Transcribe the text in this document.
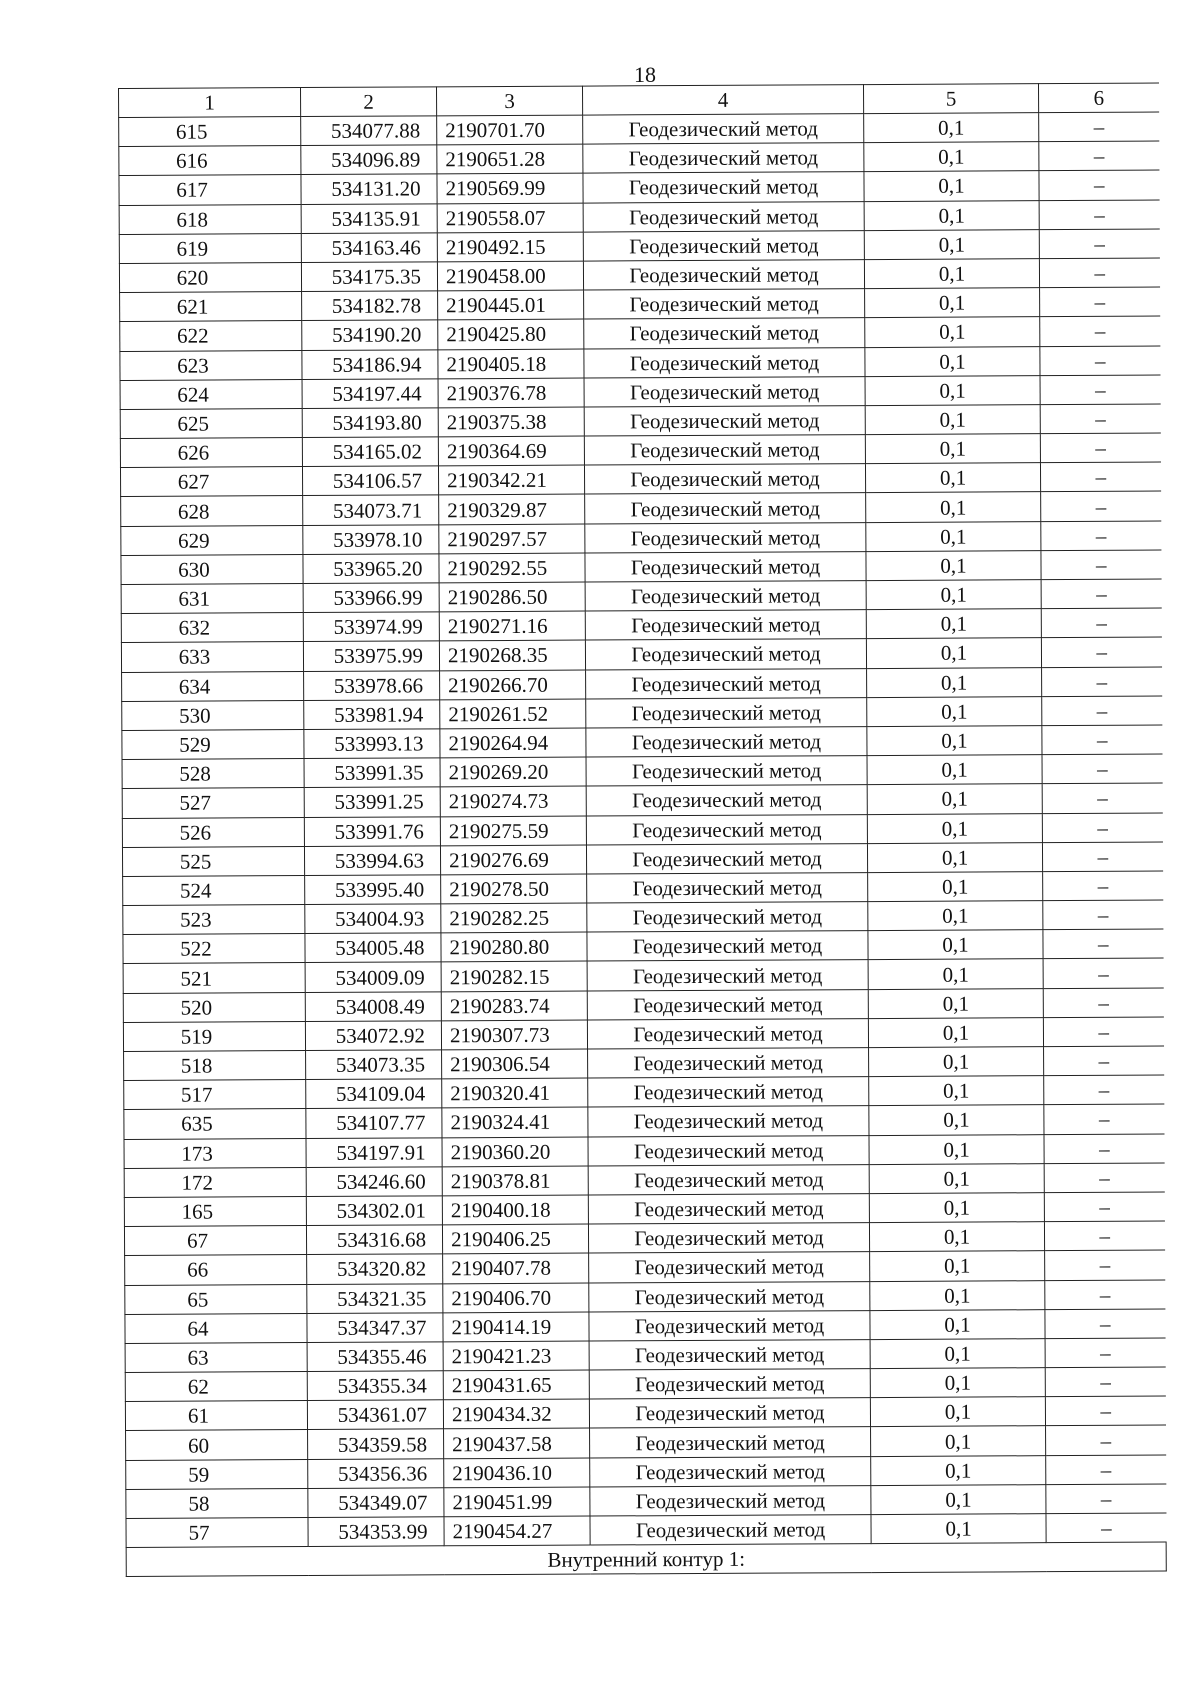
18
1	2	3	4	5	6
615	534077.88	2190701.70	Геодезический метод	0,1	–
616	534096.89	2190651.28	Геодезический метод	0,1	–
617	534131.20	2190569.99	Геодезический метод	0,1	–
618	534135.91	2190558.07	Геодезический метод	0,1	–
619	534163.46	2190492.15	Геодезический метод	0,1	–
620	534175.35	2190458.00	Геодезический метод	0,1	–
621	534182.78	2190445.01	Геодезический метод	0,1	–
622	534190.20	2190425.80	Геодезический метод	0,1	–
623	534186.94	2190405.18	Геодезический метод	0,1	–
624	534197.44	2190376.78	Геодезический метод	0,1	–
625	534193.80	2190375.38	Геодезический метод	0,1	–
626	534165.02	2190364.69	Геодезический метод	0,1	–
627	534106.57	2190342.21	Геодезический метод	0,1	–
628	534073.71	2190329.87	Геодезический метод	0,1	–
629	533978.10	2190297.57	Геодезический метод	0,1	–
630	533965.20	2190292.55	Геодезический метод	0,1	–
631	533966.99	2190286.50	Геодезический метод	0,1	–
632	533974.99	2190271.16	Геодезический метод	0,1	–
633	533975.99	2190268.35	Геодезический метод	0,1	–
634	533978.66	2190266.70	Геодезический метод	0,1	–
530	533981.94	2190261.52	Геодезический метод	0,1	–
529	533993.13	2190264.94	Геодезический метод	0,1	–
528	533991.35	2190269.20	Геодезический метод	0,1	–
527	533991.25	2190274.73	Геодезический метод	0,1	–
526	533991.76	2190275.59	Геодезический метод	0,1	–
525	533994.63	2190276.69	Геодезический метод	0,1	–
524	533995.40	2190278.50	Геодезический метод	0,1	–
523	534004.93	2190282.25	Геодезический метод	0,1	–
522	534005.48	2190280.80	Геодезический метод	0,1	–
521	534009.09	2190282.15	Геодезический метод	0,1	–
520	534008.49	2190283.74	Геодезический метод	0,1	–
519	534072.92	2190307.73	Геодезический метод	0,1	–
518	534073.35	2190306.54	Геодезический метод	0,1	–
517	534109.04	2190320.41	Геодезический метод	0,1	–
635	534107.77	2190324.41	Геодезический метод	0,1	–
173	534197.91	2190360.20	Геодезический метод	0,1	–
172	534246.60	2190378.81	Геодезический метод	0,1	–
165	534302.01	2190400.18	Геодезический метод	0,1	–
67	534316.68	2190406.25	Геодезический метод	0,1	–
66	534320.82	2190407.78	Геодезический метод	0,1	–
65	534321.35	2190406.70	Геодезический метод	0,1	–
64	534347.37	2190414.19	Геодезический метод	0,1	–
63	534355.46	2190421.23	Геодезический метод	0,1	–
62	534355.34	2190431.65	Геодезический метод	0,1	–
61	534361.07	2190434.32	Геодезический метод	0,1	–
60	534359.58	2190437.58	Геодезический метод	0,1	–
59	534356.36	2190436.10	Геодезический метод	0,1	–
58	534349.07	2190451.99	Геодезический метод	0,1	–
57	534353.99	2190454.27	Геодезический метод	0,1	–
Внутренний контур 1:					
